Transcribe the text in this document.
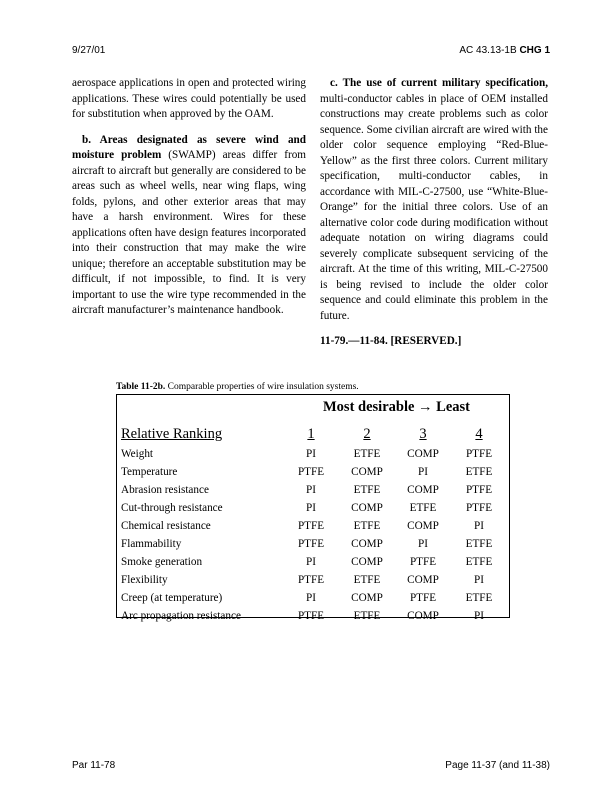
9/27/01	AC 43.13-1B CHG 1

aerospace applications in open and protected wiring applications. These wires could potentially be used for substitution when approved by the OAM.

b. Areas designated as severe wind and moisture problem (SWAMP) areas differ from aircraft to aircraft but generally are considered to be areas such as wheel wells, near wing flaps, wing folds, pylons, and other exterior areas that may have a harsh environment. Wires for these applications often have design features incorporated into their construction that may make the wire unique; therefore an acceptable substitution may be difficult, if not impossible, to find. It is very important to use the wire type recommended in the aircraft manufacturer’s maintenance handbook.

c. The use of current military specification, multi-conductor cables in place of OEM installed constructions may create problems such as color sequence. Some civilian aircraft are wired with the older color sequence employing “Red-Blue-Yellow” as the first three colors. Current military specification, multi-conductor cables, in accordance with MIL-C-27500, use “White-Blue-Orange” for the initial three colors. Use of an alternative color code during modification without adequate notation on wiring diagrams could severely complicate subsequent servicing of the aircraft. At the time of this writing, MIL-C-27500 is being revised to include the older color sequence and could eliminate this problem in the future.

11-79.—11-84. [RESERVED.]

Table 11-2b. Comparable properties of wire insulation systems.
Most desirable → Least
Relative Ranking	1	2	3	4
Weight	PI	ETFE	COMP	PTFE
Temperature	PTFE	COMP	PI	ETFE
Abrasion resistance	PI	ETFE	COMP	PTFE
Cut-through resistance	PI	COMP	ETFE	PTFE
Chemical resistance	PTFE	ETFE	COMP	PI
Flammability	PTFE	COMP	PI	ETFE
Smoke generation	PI	COMP	PTFE	ETFE
Flexibility	PTFE	ETFE	COMP	PI
Creep (at temperature)	PI	COMP	PTFE	ETFE
Arc propagation resistance	PTFE	ETFE	COMP	PI
Par 11-78	Page 11-37 (and 11-38)
